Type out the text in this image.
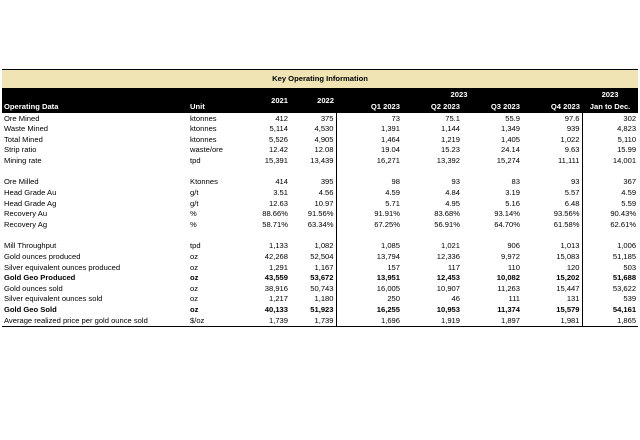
Key Operating Information								
		2021	2022	2023				2023
Operating Data	Unit			Q1 2023	Q2 2023	Q3 2023	Q4 2023	Jan to Dec.
Ore Mined	ktonnes	412	375	73	75.1	55.9	97.6	302
Waste Mined	ktonnes	5,114	4,530	1,391	1,144	1,349	939	4,823
Total Mined	ktonnes	5,526	4,905	1,464	1,219	1,405	1,022	5,110
Strip ratio	waste/ore	12.42	12.08	19.04	15.23	24.14	9.63	15.99
Mining rate	tpd	15,391	13,439	16,271	13,392	15,274	11,111	14,001

Ore Milled	Ktonnes	414	395	98	93	83	93	367
Head Grade Au	g/t	3.51	4.56	4.59	4.84	3.19	5.57	4.59
Head Grade Ag	g/t	12.63	10.97	5.71	4.95	5.16	6.48	5.59
Recovery Au	%	88.66%	91.56%	91.91%	83.68%	93.14%	93.56%	90.43%
Recovery Ag	%	58.71%	63.34%	67.25%	56.91%	64.70%	61.58%	62.61%

Mill Throughput	tpd	1,133	1,082	1,085	1,021	906	1,013	1,006
Gold ounces produced	oz	42,268	52,504	13,794	12,336	9,972	15,083	51,185
Silver equivalent ounces produced	oz	1,291	1,167	157	117	110	120	503
Gold Geo Produced	oz	43,559	53,672	13,951	12,453	10,082	15,202	51,688
Gold ounces sold	oz	38,916	50,743	16,005	10,907	11,263	15,447	53,622
Silver equivalent ounces sold	oz	1,217	1,180	250	46	111	131	539
Gold Geo Sold	oz	40,133	51,923	16,255	10,953	11,374	15,579	54,161
Average realized price per gold ounce sold	$/oz	1,739	1,739	1,696	1,919	1,897	1,981	1,865
